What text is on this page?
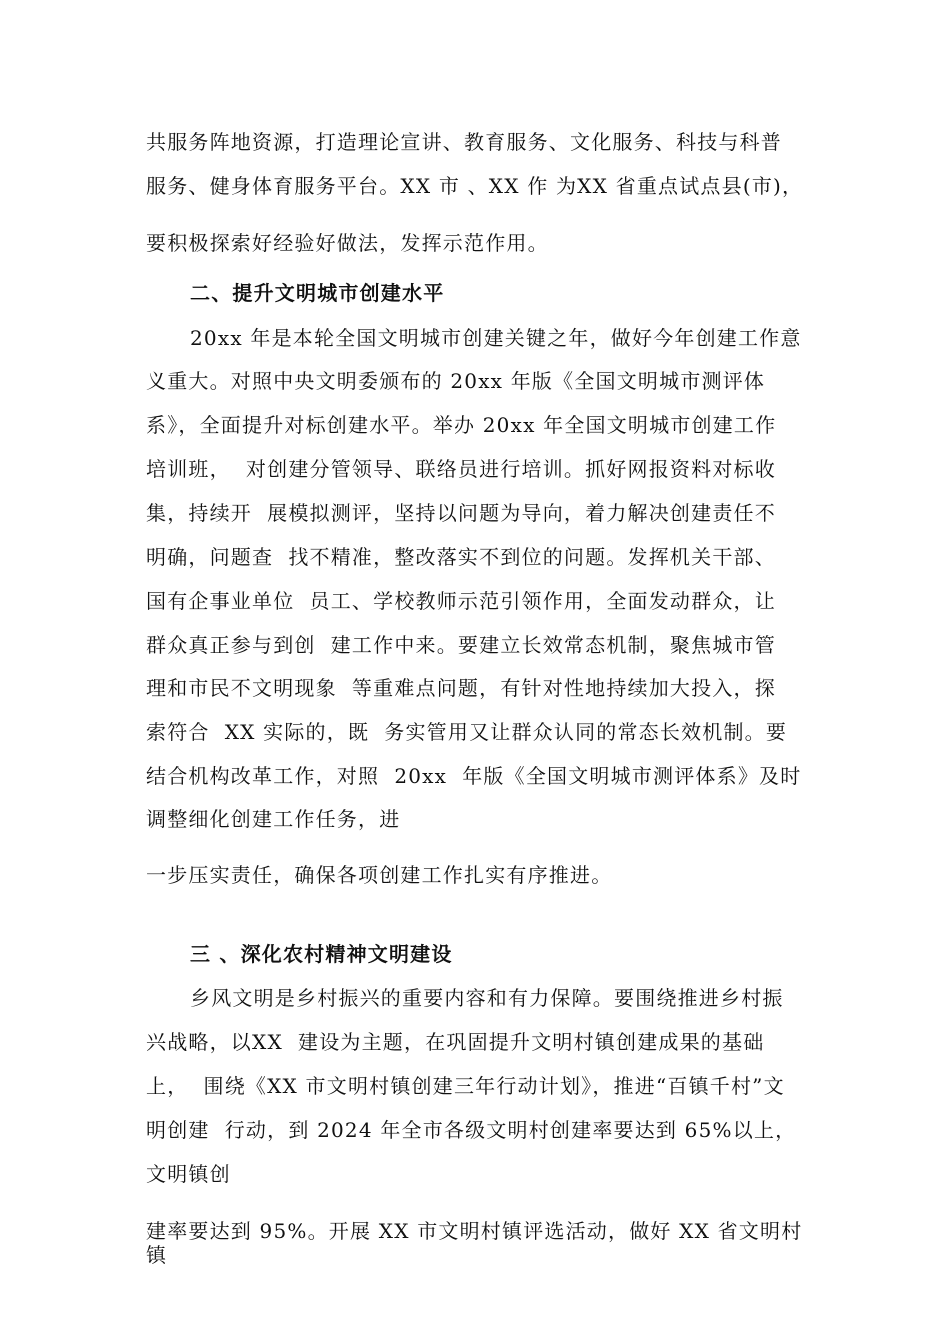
共服务阵地资源，打造理论宣讲、教育服务、文化服务、科技与科普
服务、健身体育服务平台。XX 市 、XX 作 为XX 省重点试点县(市)，
要积极探索好经验好做法，发挥示范作用。
二、提升文明城市创建水平
20xx 年是本轮全国文明城市创建关键之年，做好今年创建工作意
义重大。对照中央文明委颁布的 20xx 年版《全国文明城市测评体
系》，全面提升对标创建水平。举办 20xx 年全国文明城市创建工作
培训班，  对创建分管领导、联络员进行培训。抓好网报资料对标收
集，持续开  展模拟测评，坚持以问题为导向，着力解决创建责任不
明确，问题查  找不精准，整改落实不到位的问题。发挥机关干部、
国有企事业单位  员工、学校教师示范引领作用，全面发动群众，让
群众真正参与到创  建工作中来。要建立长效常态机制，聚焦城市管
理和市民不文明现象  等重难点问题，有针对性地持续加大投入，探
索符合  XX 实际的，既  务实管用又让群众认同的常态长效机制。要
结合机构改革工作，对照  20xx  年版《全国文明城市测评体系》及时
调整细化创建工作任务，进
一步压实责任，确保各项创建工作扎实有序推进。
三 、深化农村精神文明建设
乡风文明是乡村振兴的重要内容和有力保障。要围绕推进乡村振
兴战略，以XX  建设为主题，在巩固提升文明村镇创建成果的基础
上，  围绕《XX 市文明村镇创建三年行动计划》，推进“百镇千村”文
明创建  行动，到 2024 年全市各级文明村创建率要达到 65%以上，
文明镇创
建率要达到 95%。开展 XX 市文明村镇评选活动，做好 XX 省文明村
镇
